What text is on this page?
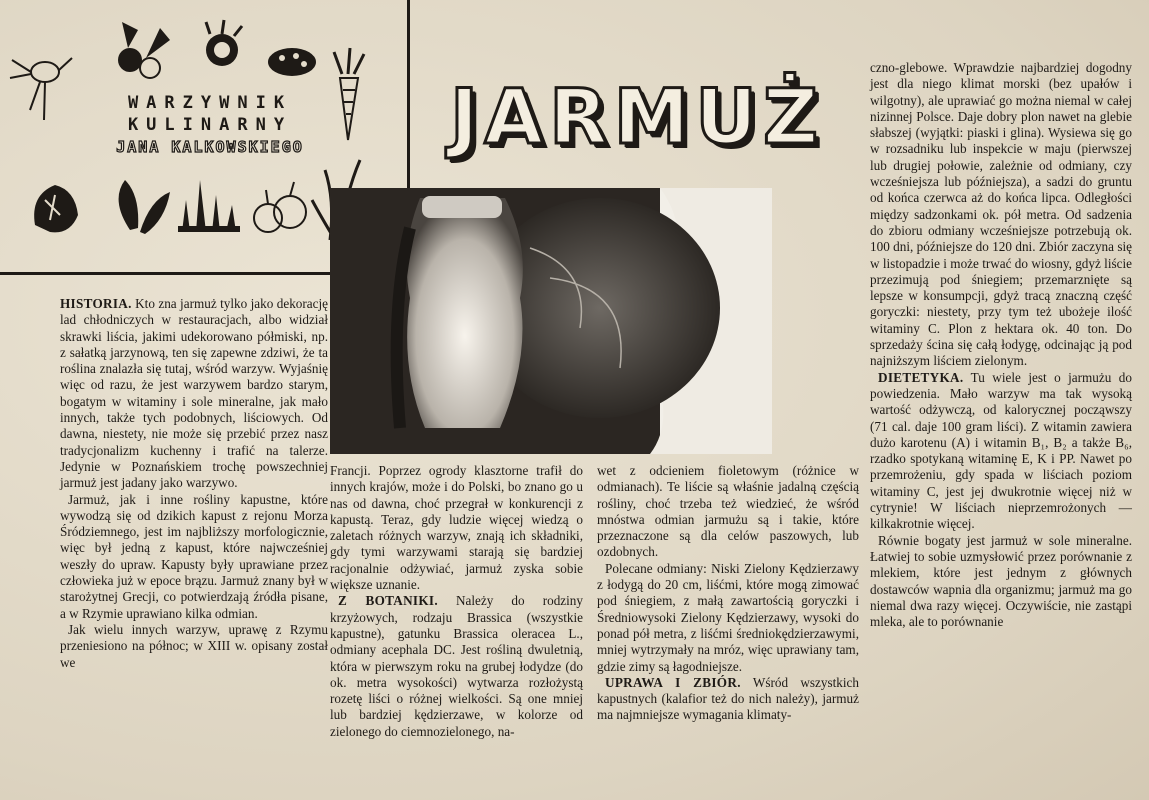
WARZYWNIK
KULINARNY
JANA KALKOWSKIEGO	JARMUŻ

HISTORIA. Kto zna jarmuż tylko jako dekorację lad chłodniczych w restauracjach, albo widział skrawki liścia, jakimi udekorowano półmiski, np. z sałatką jarzynową, ten się zapewne zdziwi, że ta roślina znalazła się tutaj, wśród warzyw. Wyjaśnię więc od razu, że jest warzywem bardzo starym, bogatym w witaminy i sole mineralne, jak mało innych, także tych podobnych, liściowych. Od dawna, niestety, nie może się przebić przez nasz tradycjonalizm kuchenny i trafić na talerze. Jedynie w Poznańskiem trochę powszechniej jarmuż jest jadany jako warzywo.

Jarmuż, jak i inne rośliny kapustne, które wywodzą się od dzikich kapust z rejonu Morza Śródziemnego, jest im najbliższy morfologicznie, więc był jedną z kapust, które najwcześniej weszły do upraw. Kapusty były uprawiane przez człowieka już w epoce brązu. Jarmuż znany był w starożytnej Grecji, co potwierdzają źródła pisane, a w Rzymie uprawiano kilka odmian.

Jak wielu innych warzyw, uprawę z Rzymu przeniesiono na północ; w XIII w. opisany został we

Francji. Poprzez ogrody klasztorne trafił do innych krajów, może i do Polski, bo znano go u nas od dawna, choć przegrał w konkurencji z kapustą. Teraz, gdy ludzie więcej wiedzą o zaletach różnych warzyw, znają ich składniki, gdy tymi warzywami starają się bardziej racjonalnie odżywiać, jarmuż zyska sobie większe uznanie.

Z BOTANIKI. Należy do rodziny krzyżowych, rodzaju Brassica (wszystkie kapustne), gatunku Brassica oleracea L., odmiany acephala DC. Jest rośliną dwuletnią, która w pierwszym roku na grubej łodydze (do ok. metra wysokości) wytwarza rozłożystą rozetę liści o różnej wielkości. Są one mniej lub bardziej kędzierzawe, w kolorze od zielonego do ciemnozielonego, na-

wet z odcieniem fioletowym (różnice w odmianach). Te liście są właśnie jadalną częścią rośliny, choć trzeba też wiedzieć, że wśród mnóstwa odmian jarmużu są i takie, które przeznaczone są dla celów paszowych, lub ozdobnych.

Polecane odmiany: Niski Zielony Kędzierzawy z łodygą do 20 cm, liśćmi, które mogą zimować pod śniegiem, z małą zawartością goryczki i Średniowysoki Zielony Kędzierzawy, wysoki do ponad pół metra, z liśćmi średniokędzierzawymi, mniej wytrzymały na mróz, więc uprawiany tam, gdzie zimy są łagodniejsze.

UPRAWA I ZBIÓR. Wśród wszystkich kapustnych (kalafior też do nich należy), jarmuż ma najmniejsze wymagania klimaty-

czno-glebowe. Wprawdzie najbardziej dogodny jest dla niego klimat morski (bez upałów i wilgotny), ale uprawiać go można niemal w całej nizinnej Polsce. Daje dobry plon nawet na glebie słabszej (wyjątki: piaski i glina). Wysiewa się go w rozsadniku lub inspekcie w maju (pierwszej lub drugiej połowie, zależnie od odmiany, czy wcześniejsza lub późniejsza), a sadzi do gruntu od końca czerwca aż do końca lipca. Odległości między sadzonkami ok. pół metra. Od sadzenia do zbioru odmiany wcześniejsze potrzebują ok. 100 dni, późniejsze do 120 dni. Zbiór zaczyna się w listopadzie i może trwać do wiosny, gdyż liście przezimują pod śniegiem; przemarznięte są lepsze w konsumpcji, gdyż tracą znaczną część goryczki: niestety, przy tym też ubożeje ilość witaminy C. Plon z hektara ok. 40 ton. Do sprzedaży ścina się całą łodygę, odcinając ją pod najniższym liściem zielonym.

DIETETYKA. Tu wiele jest o jarmużu do powiedzenia. Mało warzyw ma tak wysoką wartość odżywczą, od kalorycznej począwszy (71 cal. daje 100 gram liści). Z witamin zawiera dużo karotenu (A) i witamin B₁, B₂ a także B₆, rzadko spotykaną witaminę E, K i PP. Nawet po przemrożeniu, gdy spada w liściach poziom witaminy C, jest jej dwukrotnie więcej niż w cytrynie! W liściach nieprzemrożonych — kilkakrotnie więcej.

Równie bogaty jest jarmuż w sole mineralne. Łatwiej to sobie uzmysłowić przez porównanie z mlekiem, które jest jednym z głównych dostawców wapnia dla organizmu; jarmuż ma go niemal dwa razy więcej. Oczywiście, nie zastąpi mleka, ale to porównanie
